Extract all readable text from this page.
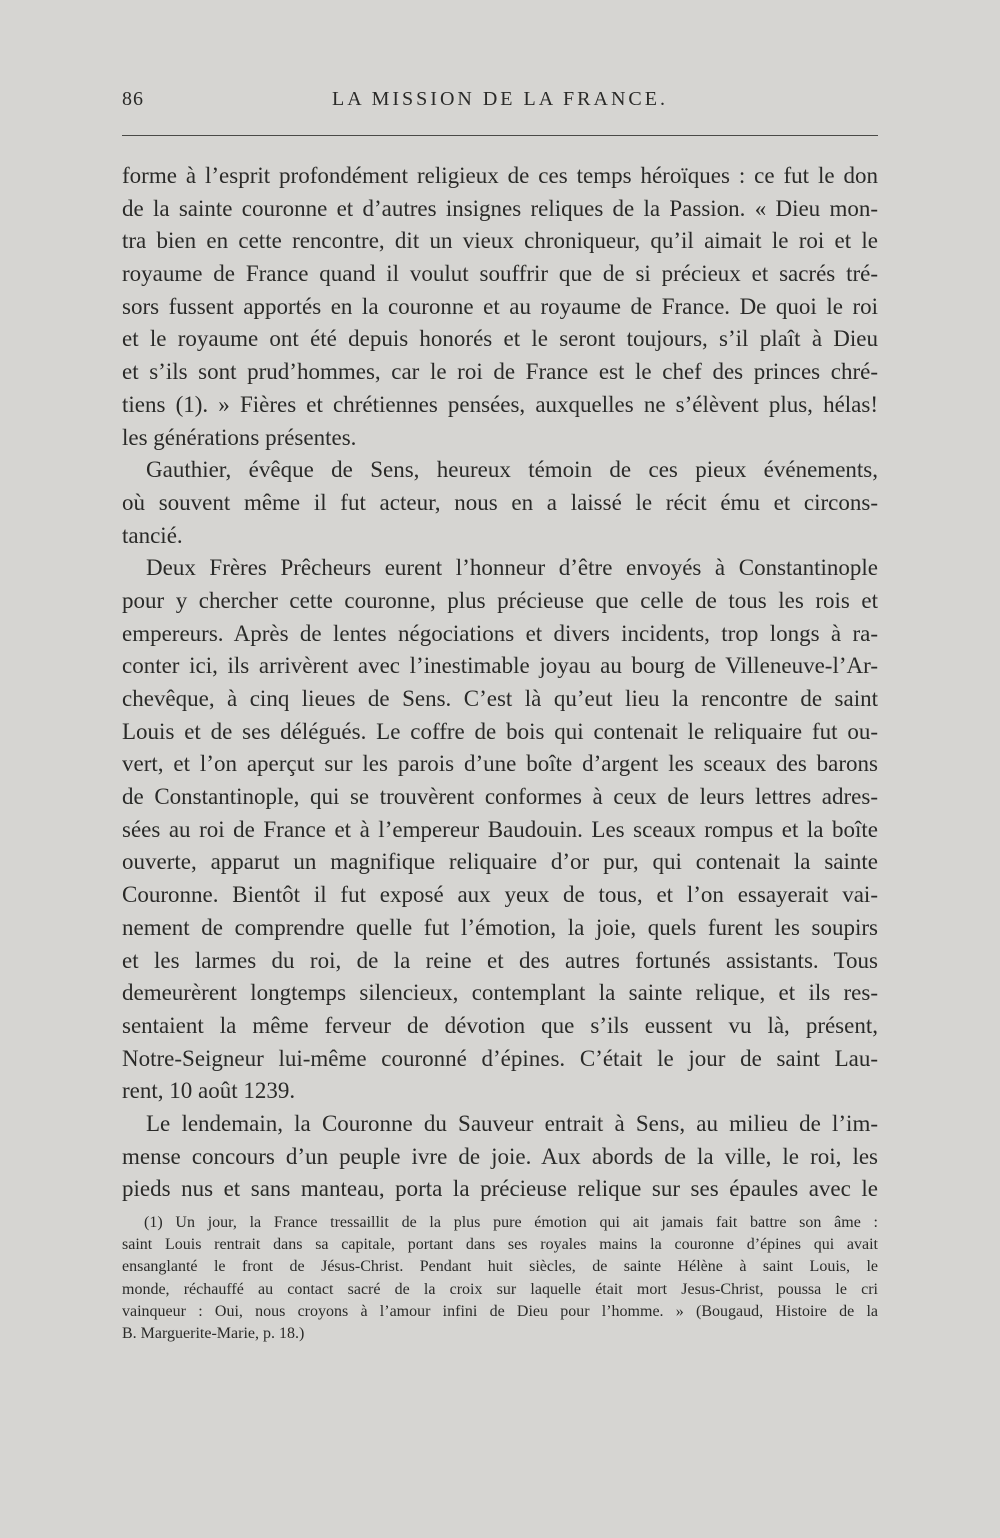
86	LA MISSION DE LA FRANCE.
forme à l’esprit profondément religieux de ces temps héroïques : ce fut le don
de la sainte couronne et d’autres insignes reliques de la Passion. « Dieu mon-
tra bien en cette rencontre, dit un vieux chroniqueur, qu’il aimait le roi et le
royaume de France quand il voulut souffrir que de si précieux et sacrés tré-
sors fussent apportés en la couronne et au royaume de France. De quoi le roi
et le royaume ont été depuis honorés et le seront toujours, s’il plaît à Dieu
et s’ils sont prud’hommes, car le roi de France est le chef des princes chré-
tiens (1). » Fières et chrétiennes pensées, auxquelles ne s’élèvent plus, hélas!
les générations présentes.
Gauthier, évêque de Sens, heureux témoin de ces pieux événements,
où souvent même il fut acteur, nous en a laissé le récit ému et circons-
tancié.
Deux Frères Prêcheurs eurent l’honneur d’être envoyés à Constantinople
pour y chercher cette couronne, plus précieuse que celle de tous les rois et
empereurs. Après de lentes négociations et divers incidents, trop longs à ra-
conter ici, ils arrivèrent avec l’inestimable joyau au bourg de Villeneuve-l’Ar-
chevêque, à cinq lieues de Sens. C’est là qu’eut lieu la rencontre de saint
Louis et de ses délégués. Le coffre de bois qui contenait le reliquaire fut ou-
vert, et l’on aperçut sur les parois d’une boîte d’argent les sceaux des barons
de Constantinople, qui se trouvèrent conformes à ceux de leurs lettres adres-
sées au roi de France et à l’empereur Baudouin. Les sceaux rompus et la boîte
ouverte, apparut un magnifique reliquaire d’or pur, qui contenait la sainte
Couronne. Bientôt il fut exposé aux yeux de tous, et l’on essayerait vai-
nement de comprendre quelle fut l’émotion, la joie, quels furent les soupirs
et les larmes du roi, de la reine et des autres fortunés assistants. Tous
demeurèrent longtemps silencieux, contemplant la sainte relique, et ils res-
sentaient la même ferveur de dévotion que s’ils eussent vu là, présent,
Notre-Seigneur lui-même couronné d’épines. C’était le jour de saint Lau-
rent, 10 août 1239.
Le lendemain, la Couronne du Sauveur entrait à Sens, au milieu de l’im-
mense concours d’un peuple ivre de joie. Aux abords de la ville, le roi, les
pieds nus et sans manteau, porta la précieuse relique sur ses épaules avec le
(1) Un jour, la France tressaillit de la plus pure émotion qui ait jamais fait battre son âme :
saint Louis rentrait dans sa capitale, portant dans ses royales mains la couronne d’épines qui avait
ensanglanté le front de Jésus-Christ. Pendant huit siècles, de sainte Hélène à saint Louis, le
monde, réchauffé au contact sacré de la croix sur laquelle était mort Jesus-Christ, poussa le cri
vainqueur : Oui, nous croyons à l’amour infini de Dieu pour l’homme. » (Bougaud, Histoire de la
B. Marguerite-Marie, p. 18.)
